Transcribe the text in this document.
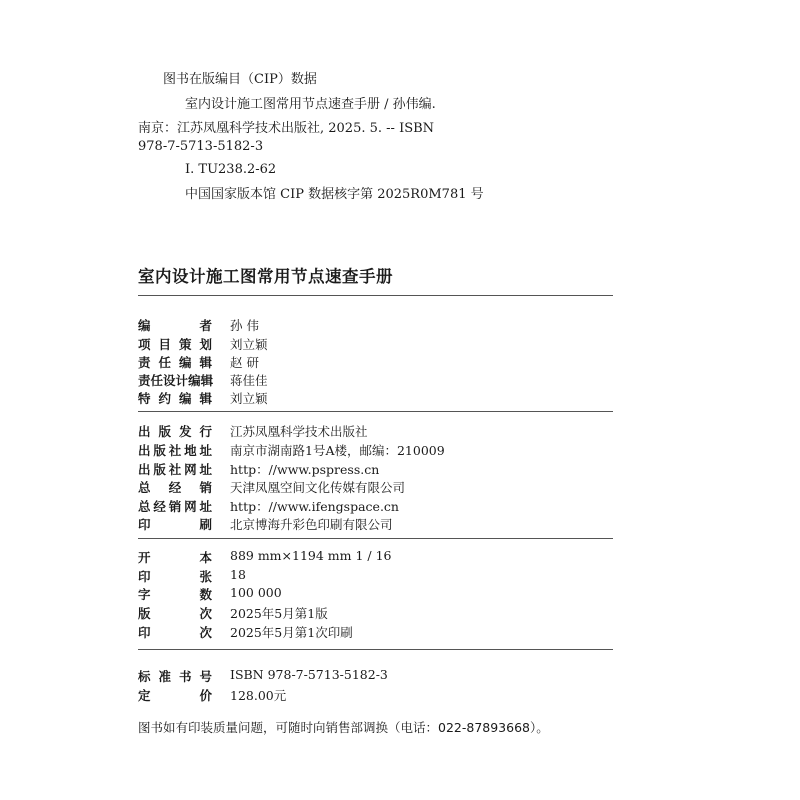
图书在版编目（CIP）数据
室内设计施工图常用节点速查手册 / 孙伟编.
南京：江苏凤凰科学技术出版社, 2025. 5. -- ISBN
978-7-5713-5182-3
Ⅰ. TU238.2-62
中国国家版本馆 CIP 数据核字第 2025R0M781 号
室内设计施工图常用节点速查手册
编	者 孙 伟
项 目 策 划 刘立颖
责 任 编 辑 赵 研
责 任 设 计 编 辑 蒋佳佳
特 约 编 辑 刘立颖
出 版 发 行 江苏凤凰科学技术出版社
出 版 社 地 址 南京市湖南路1号A楼，邮编：210009
出 版 社 网 址 http：//www.pspress.cn
总 经 销 天津凤凰空间文化传媒有限公司
总 经 销 网 址 http：//www.ifengspace.cn
印	刷 北京博海升彩色印刷有限公司
开	本 889 mm×1194 mm 1 / 16
印	张 18
字	数 100 000
版	次 2025年5月第1版
印	次 2025年5月第1次印刷
标 准 书 号 ISBN 978-7-5713-5182-3
定	价 128.00元
图书如有印装质量问题，可随时向销售部调换（电话：022-87893668）。
